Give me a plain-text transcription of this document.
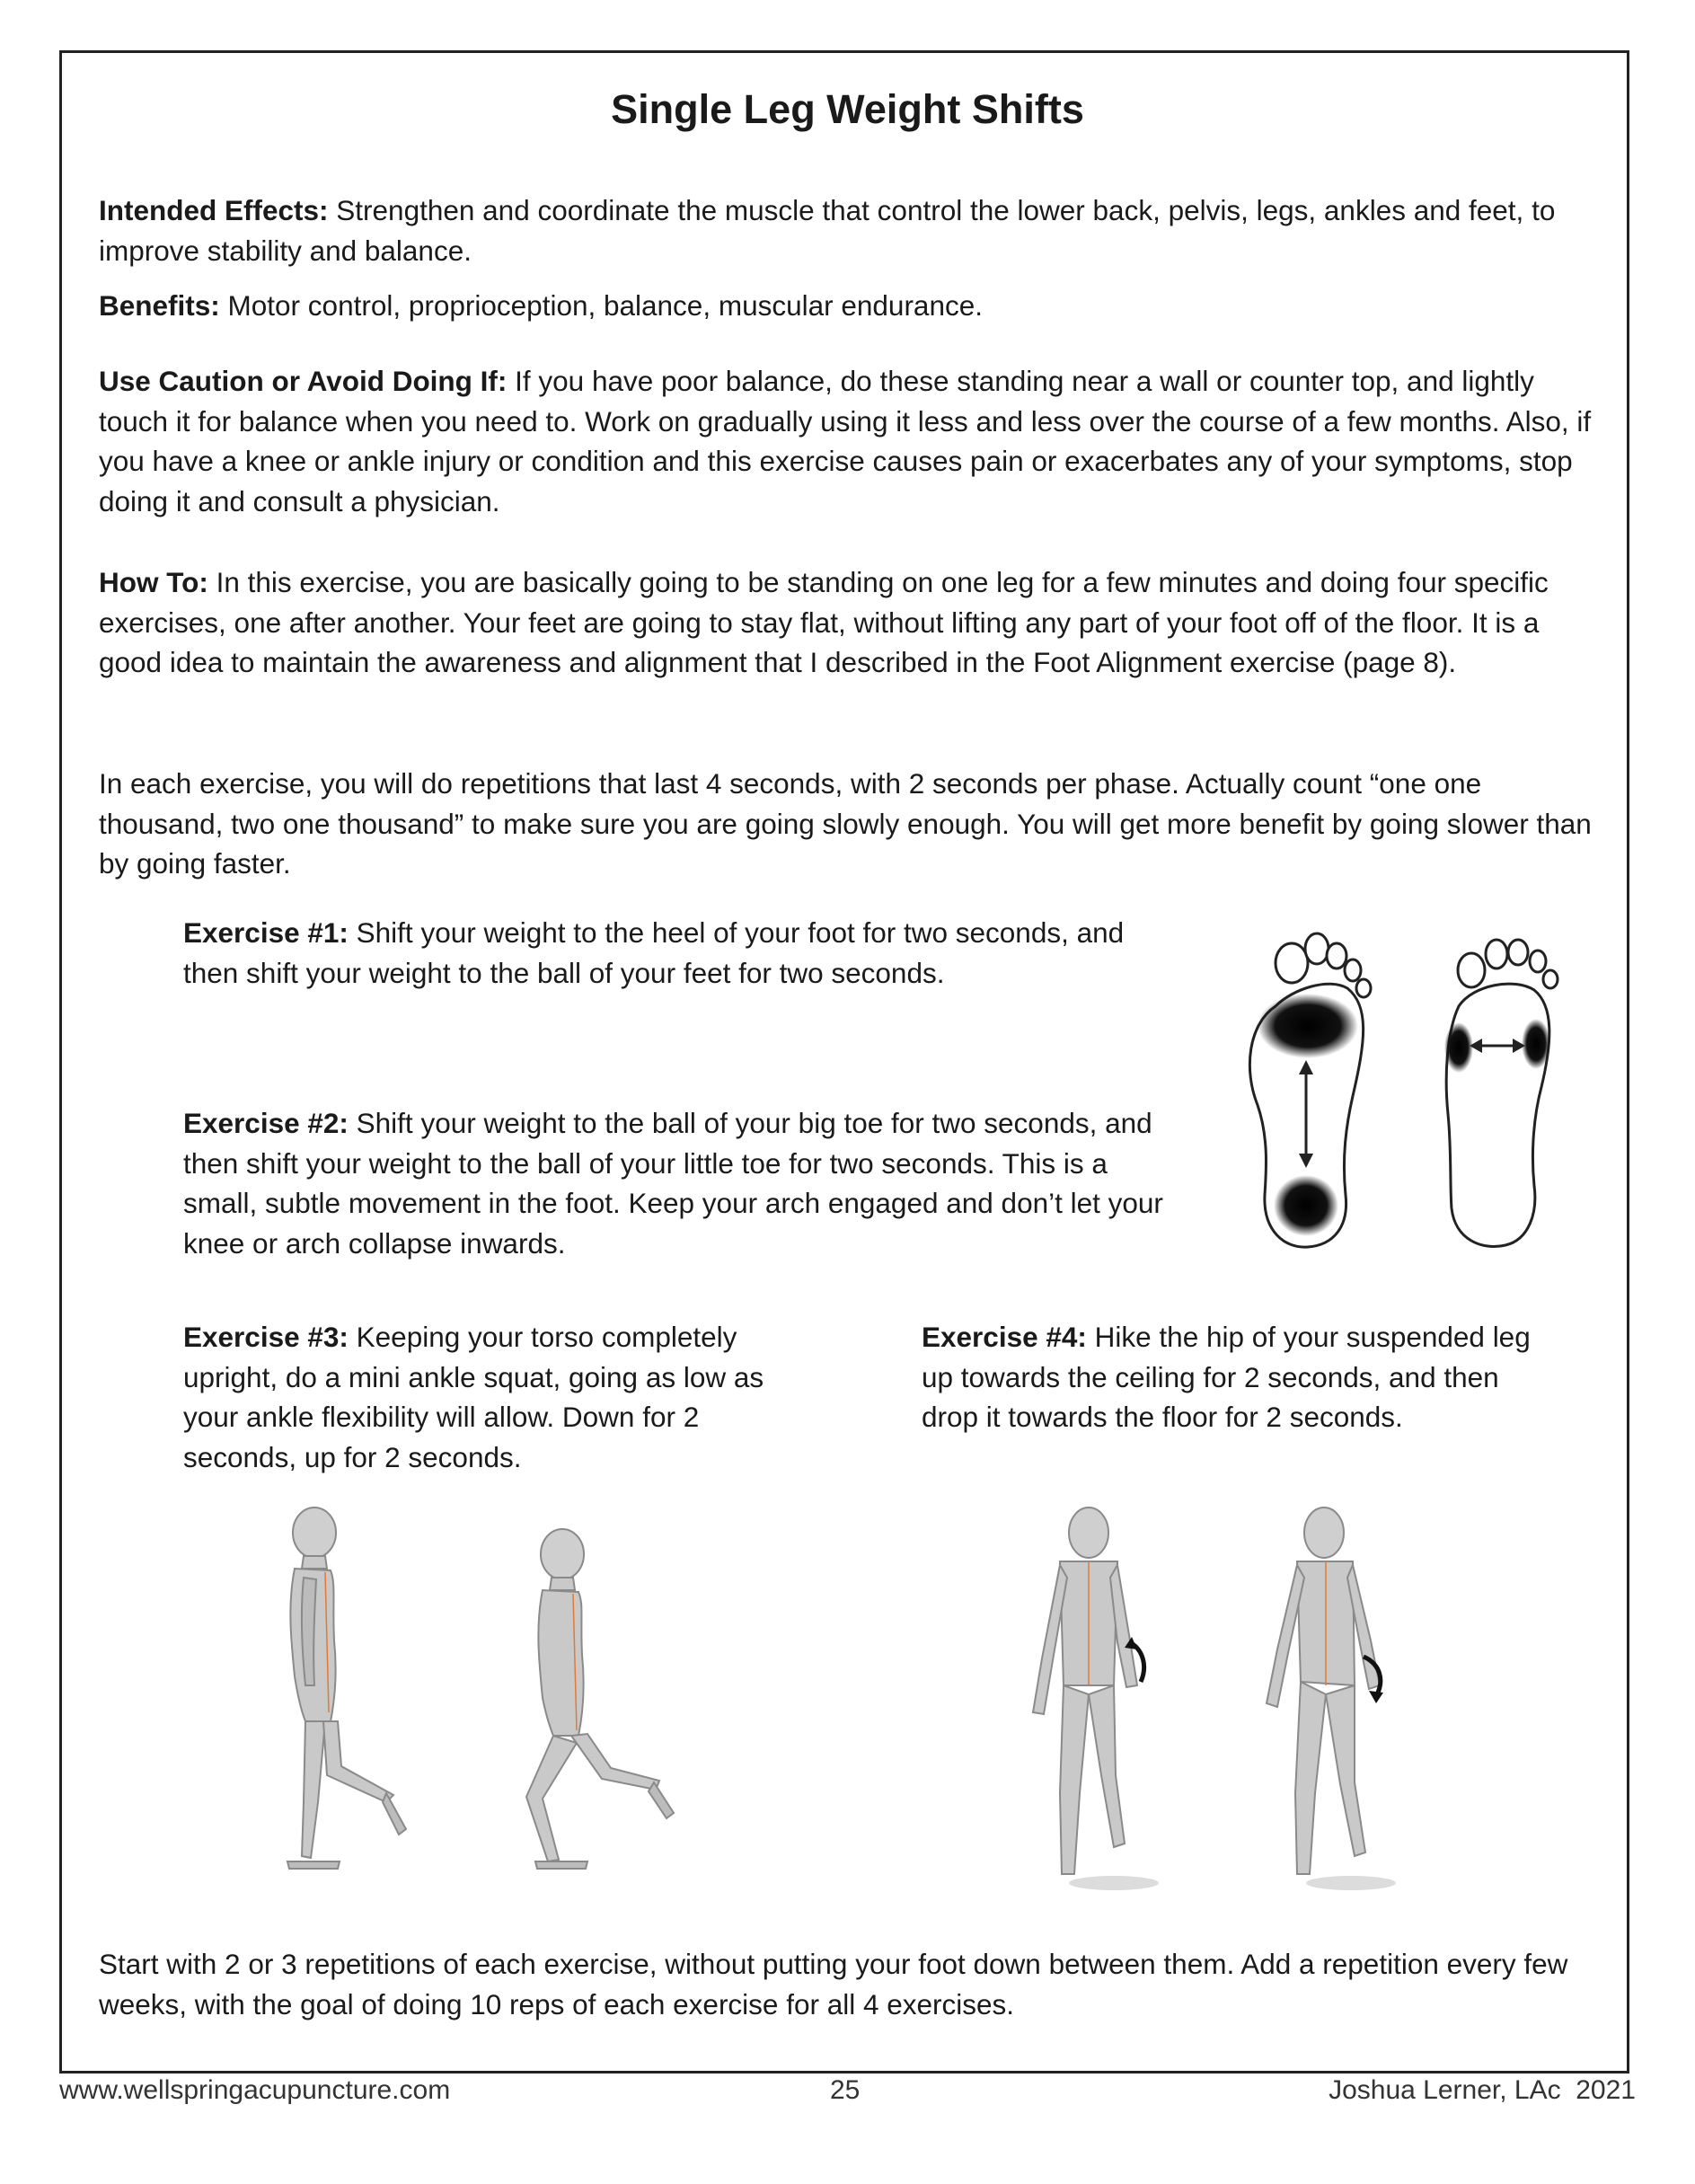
Single Leg Weight Shifts

Intended Effects: Strengthen and coordinate the muscle that control the lower back, pelvis, legs, ankles and feet, to improve stability and balance.

Benefits: Motor control, proprioception, balance, muscular endurance.

Use Caution or Avoid Doing If: If you have poor balance, do these standing near a wall or counter top, and lightly touch it for balance when you need to. Work on gradually using it less and less over the course of a few months. Also, if you have a knee or ankle injury or condition and this exercise causes pain or exacerbates any of your symptoms, stop doing it and consult a physician.

How To: In this exercise, you are basically going to be standing on one leg for a few minutes and doing four specific exercises, one after another. Your feet are going to stay flat, without lifting any part of your foot off of the floor. It is a good idea to maintain the awareness and alignment that I described in the Foot Alignment exercise (page 8).

In each exercise, you will do repetitions that last 4 seconds, with 2 seconds per phase. Actually count “one one thousand, two one thousand” to make sure you are going slowly enough. You will get more benefit by going slower than by going faster.

Exercise #1: Shift your weight to the heel of your foot for two seconds, and then shift your weight to the ball of your feet for two seconds.

Exercise #2: Shift your weight to the ball of your big toe for two seconds, and then shift your weight to the ball of your little toe for two seconds. This is a small, subtle movement in the foot. Keep your arch engaged and don’t let your knee or arch collapse inwards.

Exercise #3: Keeping your torso completely upright, do a mini ankle squat, going as low as your ankle flexibility will allow. Down for 2 seconds, up for 2 seconds.

Exercise #4: Hike the hip of your suspended leg up towards the ceiling for 2 seconds, and then drop it towards the floor for 2 seconds.

Start with 2 or 3 repetitions of each exercise, without putting your foot down between them. Add a repetition every few weeks, with the goal of doing 10 reps of each exercise for all 4 exercises.

www.wellspringacupuncture.com	25	Joshua Lerner, LAc  2021
